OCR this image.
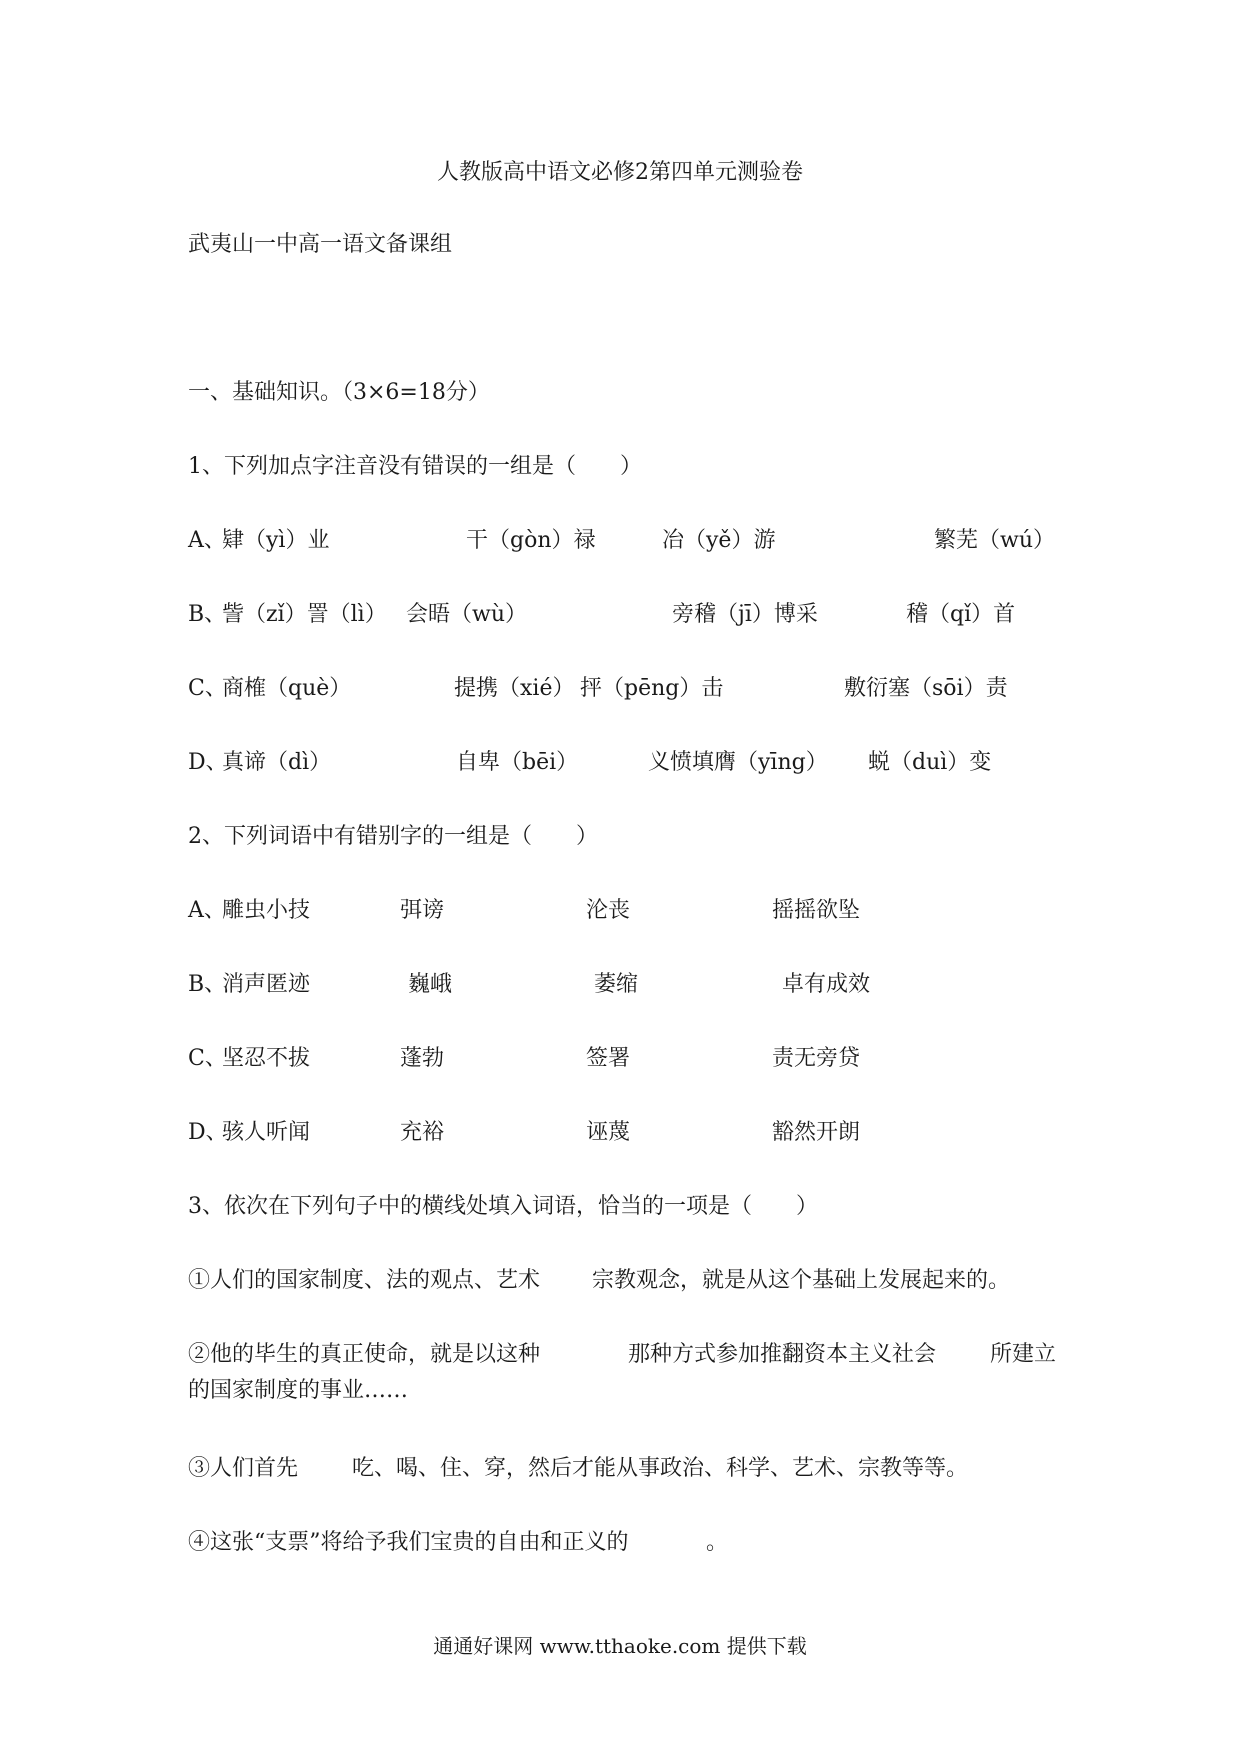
人教版高中语文必修2第四单元测验卷
武夷山一中高一语文备课组
一、基础知识。（3×6=18分）
1、下列加点字注音没有错误的一组是（　　）
A、
肄（yì）业	干（gòn）禄	冶（yě）游	繁芜（wú）
B、
訾（zǐ）詈（lì） 会晤（wù）	旁稽（jī）博采	稽（qǐ）首
C、
商榷（què）	提携（xié） 抨（pēng）击	敷衍塞（sōi）责
D、
真谛（dì）	自卑（bēi）	义愤填膺（yīng） 蜕（duì）变
2、下列词语中有错别字的一组是（　　）
A、
雕虫小技	弭谤	沦丧	摇摇欲坠
B、
消声匿迹	巍峨	萎缩	卓有成效
C、
坚忍不拔	蓬勃	签署	责无旁贷
D、
骇人听闻	充裕	诬蔑	豁然开朗
3、依次在下列句子中的横线处填入词语，恰当的一项是（　　）
①人们的国家制度、法的观点、艺术 宗教观念，就是从这个基础上发展起来的。
②他的毕生的真正使命，就是以这种	那种方式参加推翻资本主义社会 所建立
的国家制度的事业……
③人们首先 吃、喝、住、穿，然后才能从事政治、科学、艺术、宗教等等。
④这张“支票”将给予我们宝贵的自由和正义的	。
通通好课网 www.tthaoke.com 提供下载
